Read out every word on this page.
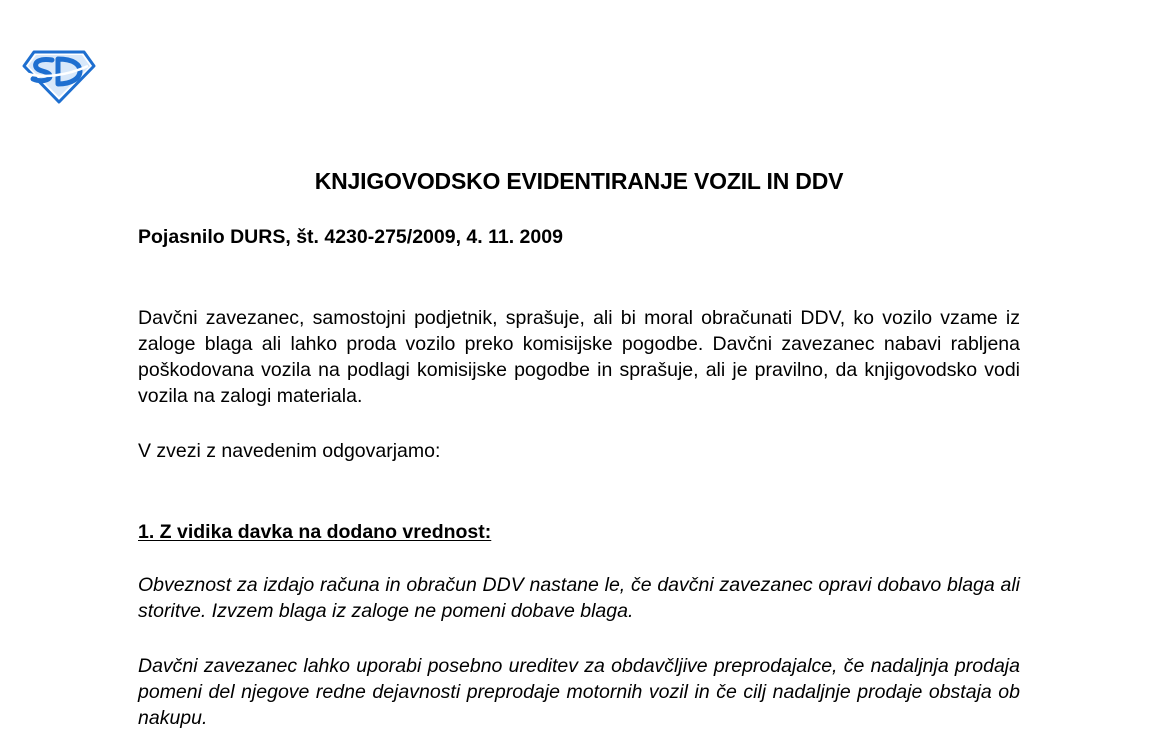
KNJIGOVODSKO EVIDENTIRANJE VOZIL IN DDV

Pojasnilo DURS, št. 4230-275/2009, 4. 11. 2009

Davčni zavezanec, samostojni podjetnik, sprašuje, ali bi moral obračunati DDV, ko vozilo vzame iz zaloge blaga ali lahko proda vozilo preko komisijske pogodbe. Davčni zavezanec nabavi rabljena poškodovana vozila na podlagi komisijske pogodbe in sprašuje, ali je pravilno, da knjigovodsko vodi vozila na zalogi materiala.

V zvezi z navedenim odgovarjamo:

1. Z vidika davka na dodano vrednost:

Obveznost za izdajo računa in obračun DDV nastane le, če davčni zavezanec opravi dobavo blaga ali storitve. Izvzem blaga iz zaloge ne pomeni dobave blaga.

Davčni zavezanec lahko uporabi posebno ureditev za obdavčljive preprodajalce, če nadaljnja prodaja pomeni del njegove redne dejavnosti preprodaje motornih vozil in če cilj nadaljnje prodaje obstaja ob nakupu.
